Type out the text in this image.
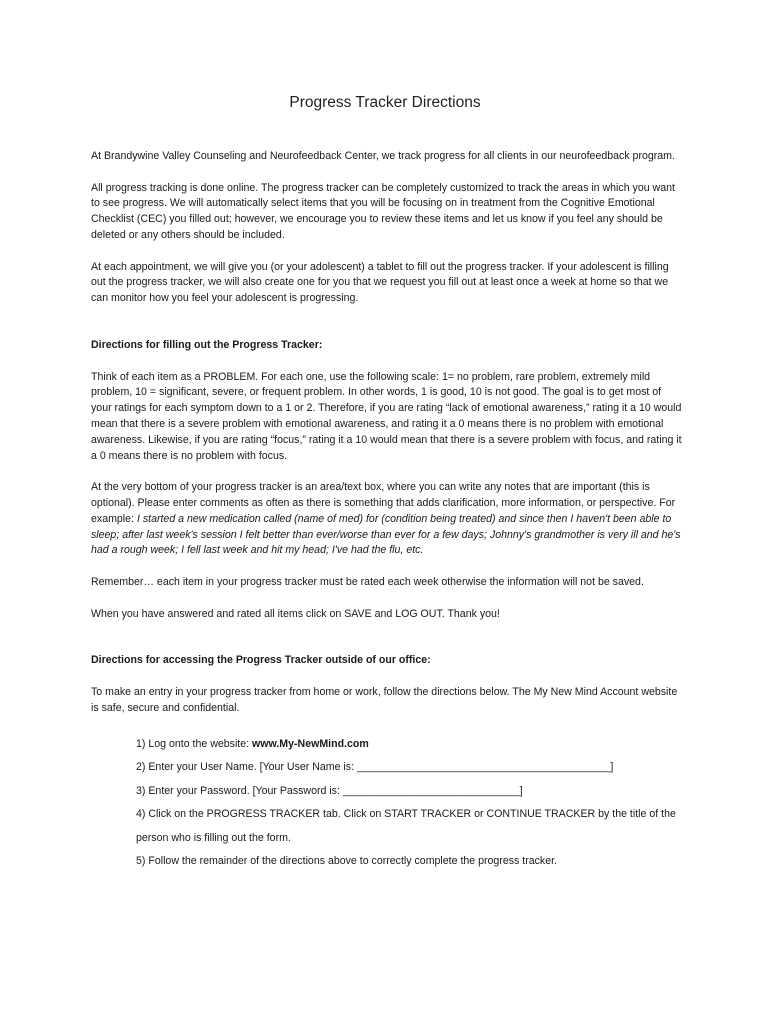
Progress Tracker Directions

At Brandywine Valley Counseling and Neurofeedback Center, we track progress for all clients in our neurofeedback program.

All progress tracking is done online. The progress tracker can be completely customized to track the areas in which you want to see progress. We will automatically select items that you will be focusing on in treatment from the Cognitive Emotional Checklist (CEC) you filled out; however, we encourage you to review these items and let us know if you feel any should be deleted or any others should be included.

At each appointment, we will give you (or your adolescent) a tablet to fill out the progress tracker. If your adolescent is filling out the progress tracker, we will also create one for you that we request you fill out at least once a week at home so that we can monitor how you feel your adolescent is progressing.

Directions for filling out the Progress Tracker:

Think of each item as a PROBLEM. For each one, use the following scale: 1= no problem, rare problem, extremely mild problem, 10 = significant, severe, or frequent problem. In other words, 1 is good, 10 is not good. The goal is to get most of your ratings for each symptom down to a 1 or 2. Therefore, if you are rating “lack of emotional awareness,” rating it a 10 would mean that there is a severe problem with emotional awareness, and rating it a 0 means there is no problem with emotional awareness. Likewise, if you are rating “focus,” rating it a 10 would mean that there is a severe problem with focus, and rating it a 0 means there is no problem with focus.

At the very bottom of your progress tracker is an area/text box, where you can write any notes that are important (this is optional). Please enter comments as often as there is something that adds clarification, more information, or perspective. For example: I started a new medication called (name of med) for (condition being treated) and since then I haven't been able to sleep; after last week's session I felt better than ever/worse than ever for a few days; Johnny's grandmother is very ill and he's had a rough week; I fell last week and hit my head; I've had the flu, etc.

Remember… each item in your progress tracker must be rated each week otherwise the information will not be saved.

When you have answered and rated all items click on SAVE and LOG OUT. Thank you!

Directions for accessing the Progress Tracker outside of our office:

To make an entry in your progress tracker from home or work, follow the directions below. The My New Mind Account website is safe, secure and confidential.

1) Log onto the website: www.My-NewMind.com

2) Enter your User Name. [Your User Name is: ___________________________________________]

3) Enter your Password. [Your Password is: ______________________________]

4) Click on the PROGRESS TRACKER tab. Click on START TRACKER or CONTINUE TRACKER by the title of the person who is filling out the form.

5) Follow the remainder of the directions above to correctly complete the progress tracker.
